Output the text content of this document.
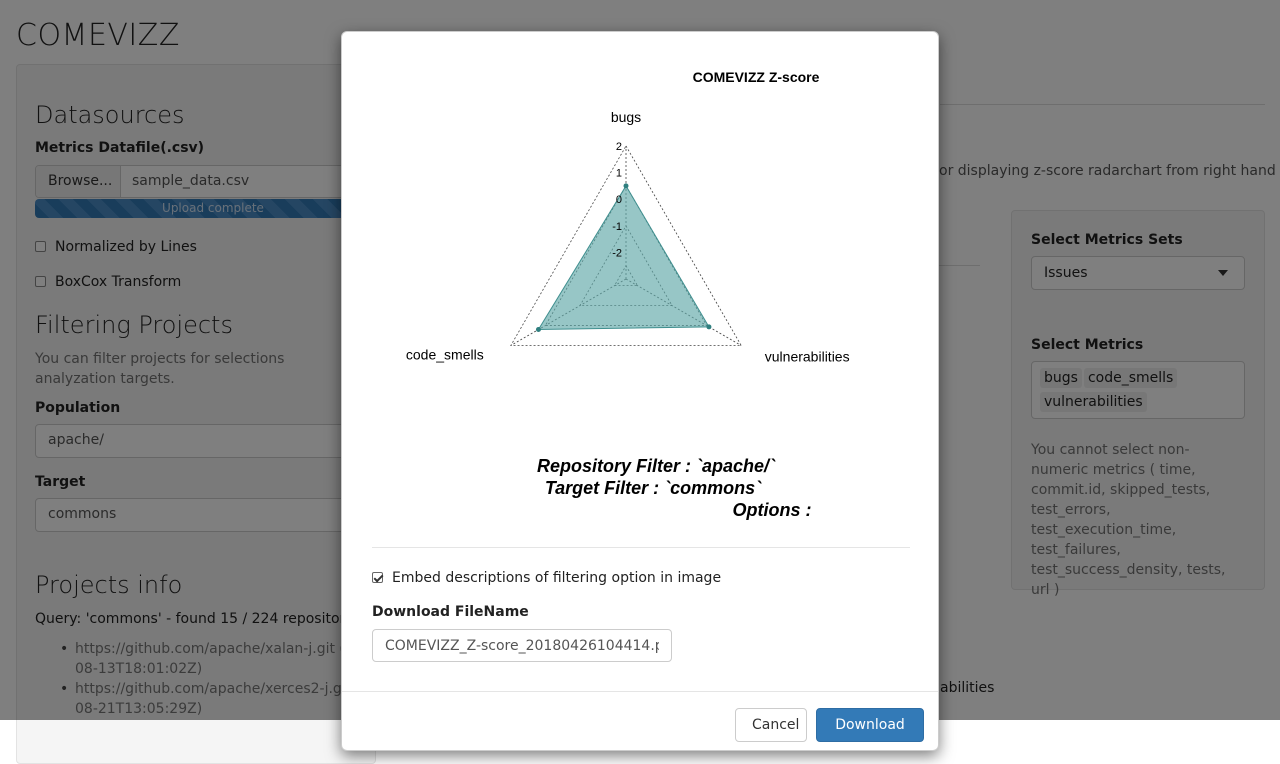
•
•
2
1
0
-1
-2
bugs
vulnerabilities
code_smells
COMEVIZZ Z-score
Repository Filter : `apache/`
Target Filter : `commons`
Options :
Embed descriptions of filtering option in image
Download FileName
COMEVIZZ_Z-score_20180426104414.png
Cancel	Download
